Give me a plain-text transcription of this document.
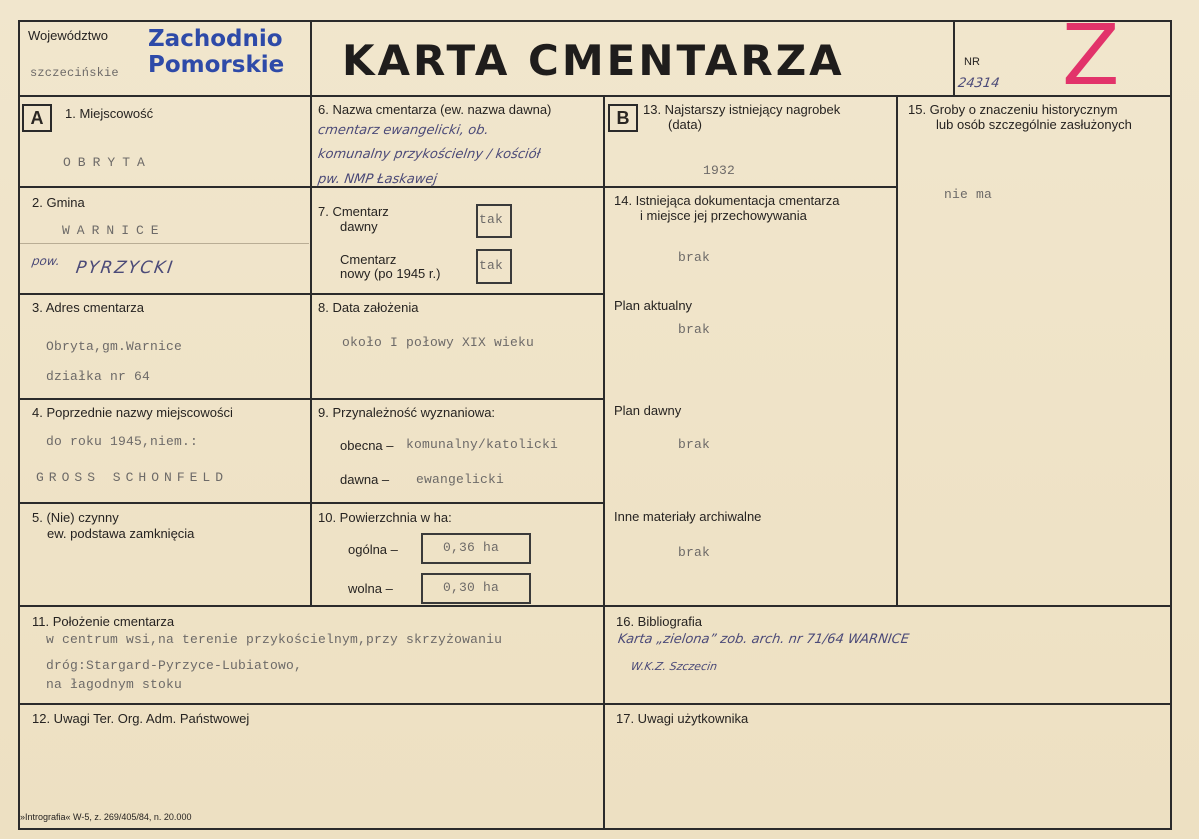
Województwo
szczecińskie
Zachodnio
Pomorskie KARTA CMENTARZA	NR
24314 Z
A	1. Miejscowość
OBRYTA
2. Gmina
WARNICE
pow. PYRZYCKI
3. Adres cmentarza
Obryta,gm.Warnice
działka nr 64
4. Poprzednie nazwy miejscowości
do roku 1945,niem.:
GROSS SCHONFELD
5. (Nie) czynny
ew. podstawa zamknięcia
6. Nazwa cmentarza (ew. nazwa dawna)
cmentarz ewangelicki, ob.
komunalny przykościelny / kościół
pw. NMP Łaskawej
7. Cmentarz
dawny	tak
Cmentarz
nowy (po 1945 r.)
tak
8. Data założenia
około I połowy XIX wieku
9. Przynależność wyznaniowa:
obecna – komunalny/katolicki
dawna – ewangelicki
10. Powierzchnia w ha:
ogólna –	0,36 ha
wolna –	0,30 ha
B	13. Najstarszy istniejący nagrobek
(data)
1932
14. Istniejąca dokumentacja cmentarza
i miejsce jej przechowywania
brak
Plan aktualny
brak
Plan dawny
brak
Inne materiały archiwalne
brak
15. Groby o znaczeniu historycznym
lub osób szczególnie zasłużonych
nie ma
11. Położenie cmentarza
w centrum wsi,na terenie przykościelnym,przy skrzyżowaniu
dróg:Stargard-Pyrzyce-Lubiatowo,
na łagodnym stoku
16. Bibliografia
Karta „zielona” zob. arch. nr 71/64 WARNICE
W.K.Z. Szczecin
12. Uwagi Ter. Org. Adm. Państwowej	17. Uwagi użytkownika
»Intrografia« W-5, z. 269/405/84, n. 20.000
